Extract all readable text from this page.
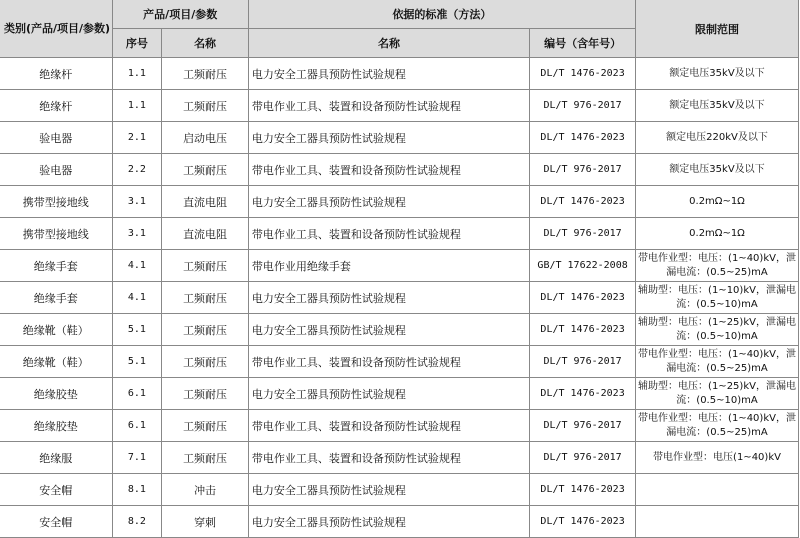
类别(产品/项目/参数)	产品/项目/参数		依据的标准（方法）		限制范围
	序号	名称	名称	编号（含年号）	
绝缘杆	1.1	工频耐压	电力安全工器具预防性试验规程	DL/T 1476-2023	额定电压35kV及以下
绝缘杆	1.1	工频耐压	带电作业工具、装置和设备预防性试验规程	DL/T 976-2017	额定电压35kV及以下
验电器	2.1	启动电压	电力安全工器具预防性试验规程	DL/T 1476-2023	额定电压220kV及以下
验电器	2.2	工频耐压	带电作业工具、装置和设备预防性试验规程	DL/T 976-2017	额定电压35kV及以下
携带型接地线	3.1	直流电阻	电力安全工器具预防性试验规程	DL/T 1476-2023	0.2mΩ~1Ω
携带型接地线	3.1	直流电阻	带电作业工具、装置和设备预防性试验规程	DL/T 976-2017	0.2mΩ~1Ω
绝缘手套	4.1	工频耐压	带电作业用绝缘手套	GB/T 17622-2008	带电作业型：电压：(1~40)kV，泄漏电流：(0.5~25)mA
绝缘手套	4.1	工频耐压	电力安全工器具预防性试验规程	DL/T 1476-2023	辅助型：电压：(1~10)kV，泄漏电流：(0.5~10)mA
绝缘靴（鞋）	5.1	工频耐压	电力安全工器具预防性试验规程	DL/T 1476-2023	辅助型：电压：(1~25)kV，泄漏电流：(0.5~10)mA
绝缘靴（鞋）	5.1	工频耐压	带电作业工具、装置和设备预防性试验规程	DL/T 976-2017	带电作业型：电压：(1~40)kV，泄漏电流：(0.5~25)mA
绝缘胶垫	6.1	工频耐压	电力安全工器具预防性试验规程	DL/T 1476-2023	辅助型：电压：(1~25)kV，泄漏电流：(0.5~10)mA
绝缘胶垫	6.1	工频耐压	带电作业工具、装置和设备预防性试验规程	DL/T 976-2017	带电作业型：电压：(1~40)kV，泄漏电流：(0.5~25)mA
绝缘服	7.1	工频耐压	带电作业工具、装置和设备预防性试验规程	DL/T 976-2017	带电作业型：电压(1~40)kV
安全帽	8.1	冲击	电力安全工器具预防性试验规程	DL/T 1476-2023	
安全帽	8.2	穿刺	电力安全工器具预防性试验规程	DL/T 1476-2023	
